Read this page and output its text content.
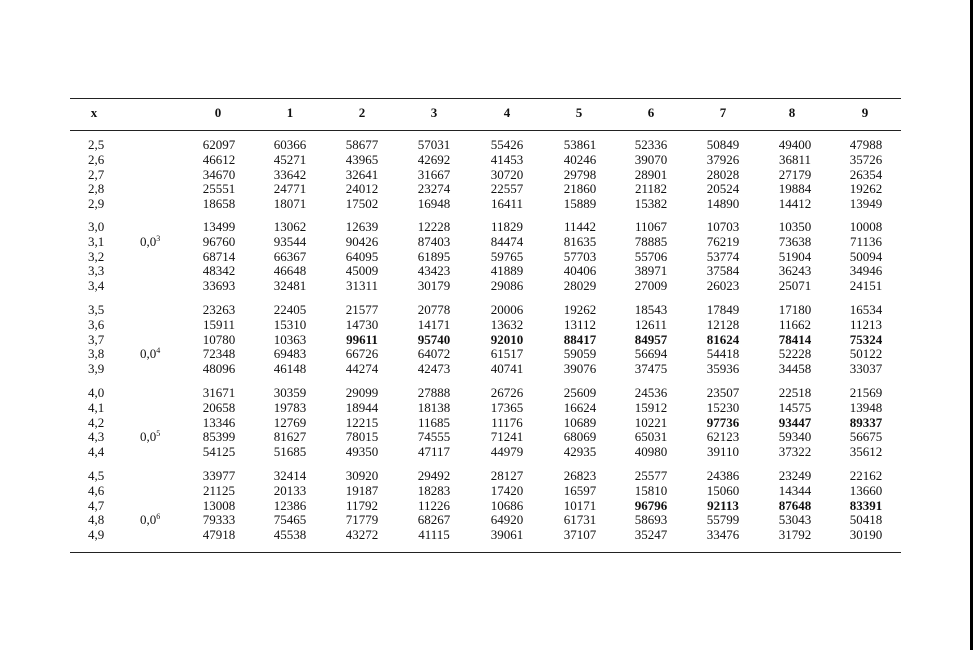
x	0	1	2	3	4	5	6	7	8	9
2,5	62097	60366	58677	57031	55426	53861	52336	50849	49400	47988
2,6	46612	45271	43965	42692	41453	40246	39070	37926	36811	35726
2,7	34670	33642	32641	31667	30720	29798	28901	28028	27179	26354
2,8	25551	24771	24012	23274	22557	21860	21182	20524	19884	19262
2,9	18658	18071	17502	16948	16411	15889	15382	14890	14412	13949
3,0	13499	13062	12639	12228	11829	11442	11067	10703	10350	10008
3,1	$0,0^3$	96760	93544	90426	87403	84474	81635	78885	76219	73638	71136
3,2	68714	66367	64095	61895	59765	57703	55706	53774	51904	50094
3,3	48342	46648	45009	43423	41889	40406	38971	37584	36243	34946
3,4	33693	32481	31311	30179	29086	28029	27009	26023	25071	24151
3,5	23263	22405	21577	20778	20006	19262	18543	17849	17180	16534
3,6	15911	15310	14730	14171	13632	13112	12611	12128	11662	11213
3,7	10780	10363	99611	95740	92010	88417	84957	81624	78414	75324
3,8	$0,0^4$	72348	69483	66726	64072	61517	59059	56694	54418	52228	50122
3,9	48096	46148	44274	42473	40741	39076	37475	35936	34458	33037
4,0	31671	30359	29099	27888	26726	25609	24536	23507	22518	21569
4,1	20658	19783	18944	18138	17365	16624	15912	15230	14575	13948
4,2	13346	12769	12215	11685	11176	10689	10221	97736	93447	89337
4,3	$0,0^5$	85399	81627	78015	74555	71241	68069	65031	62123	59340	56675
4,4	54125	51685	49350	47117	44979	42935	40980	39110	37322	35612
4,5	33977	32414	30920	29492	28127	26823	25577	24386	23249	22162
4,6	21125	20133	19187	18283	17420	16597	15810	15060	14344	13660
4,7	13008	12386	11792	11226	10686	10171	96796	92113	87648	83391
4,8	$0,0^6$	79333	75465	71779	68267	64920	61731	58693	55799	53043	50418
4,9	47918	45538	43272	41115	39061	37107	35247	33476	31792	30190
